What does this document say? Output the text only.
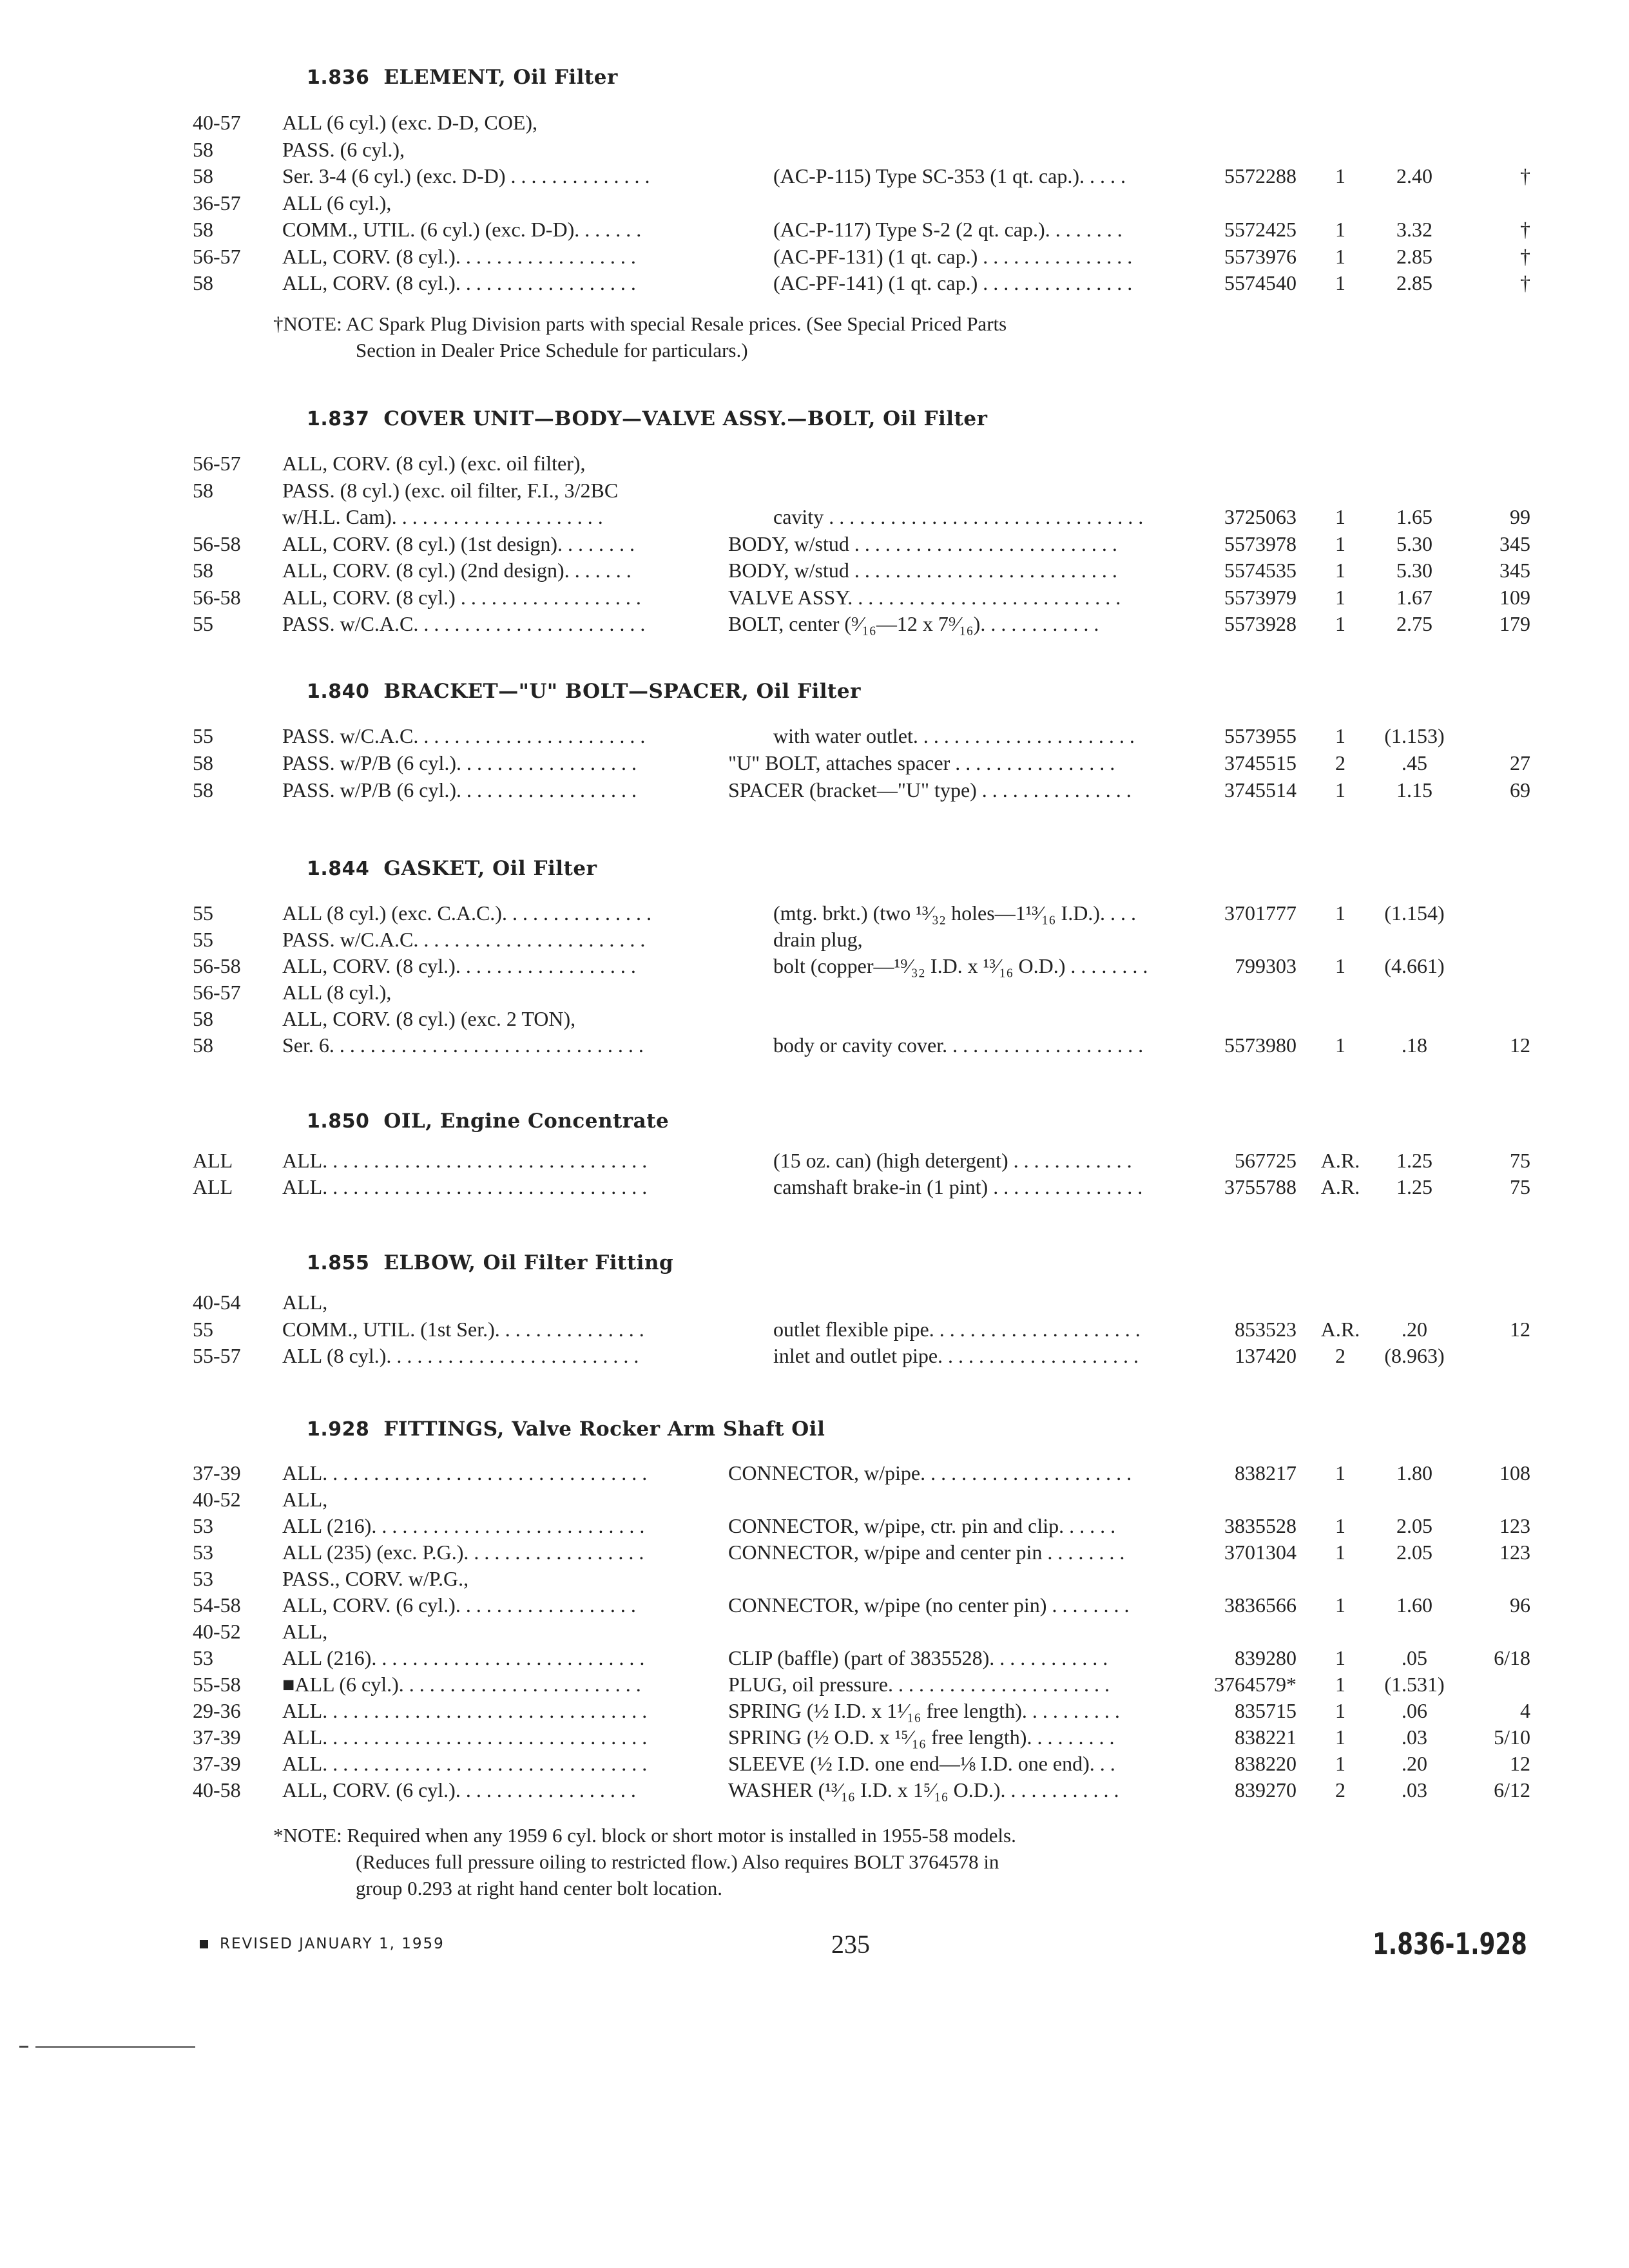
1.836 ELEMENT, Oil Filter
40-57	ALL (6 cyl.) (exc. D-D, COE),
58	PASS. (6 cyl.),
58	Ser. 3-4 (6 cyl.) (exc. D-D) . . . . . . . . . . . . . .	(AC-P-115) Type SC-353 (1 qt. cap.). . . . .	5572288	1	2.40	†
36-57	ALL (6 cyl.),
58	COMM., UTIL. (6 cyl.) (exc. D-D). . . . . . .	(AC-P-117) Type S-2 (2 qt. cap.). . . . . . . .	5572425	1	3.32	†
56-57	ALL, CORV. (8 cyl.). . . . . . . . . . . . . . . . . .	(AC-PF-131) (1 qt. cap.) . . . . . . . . . . . . . . .	5573976	1	2.85	†
58	ALL, CORV. (8 cyl.). . . . . . . . . . . . . . . . . .	(AC-PF-141) (1 qt. cap.) . . . . . . . . . . . . . . .	5574540	1	2.85	†
†NOTE: AC Spark Plug Division parts with special Resale prices. (See Special Priced Parts
Section in Dealer Price Schedule for particulars.)
1.837 COVER UNIT—BODY—VALVE ASSY.—BOLT, Oil Filter
56-57	ALL, CORV. (8 cyl.) (exc. oil filter),
58	PASS. (8 cyl.) (exc. oil filter, F.I., 3/2BC
w/H.L. Cam). . . . . . . . . . . . . . . . . . . . .	cavity . . . . . . . . . . . . . . . . . . . . . . . . . . . . . . .	3725063	1	1.65	99
56-58	ALL, CORV. (8 cyl.) (1st design). . . . . . . .	BODY, w/stud . . . . . . . . . . . . . . . . . . . . . . . . . .	5573978	1	5.30	345
58	ALL, CORV. (8 cyl.) (2nd design). . . . . . .	BODY, w/stud . . . . . . . . . . . . . . . . . . . . . . . . . .	5574535	1	5.30	345
56-58	ALL, CORV. (8 cyl.) . . . . . . . . . . . . . . . . . .	VALVE ASSY. . . . . . . . . . . . . . . . . . . . . . . . . . .	5573979	1	1.67	109
55	PASS. w/C.A.C. . . . . . . . . . . . . . . . . . . . . . .	BOLT, center (⁹⁄₁₆—12 x 7⁹⁄₁₆). . . . . . . . . . . .	5573928	1	2.75	179
1.840 BRACKET—"U" BOLT—SPACER, Oil Filter
55	PASS. w/C.A.C. . . . . . . . . . . . . . . . . . . . . . .	with water outlet. . . . . . . . . . . . . . . . . . . . . .	5573955	1	(1.153)
58	PASS. w/P/B (6 cyl.). . . . . . . . . . . . . . . . . .	"U" BOLT, attaches spacer . . . . . . . . . . . . . . . .	3745515	2	.45	27
58	PASS. w/P/B (6 cyl.). . . . . . . . . . . . . . . . . .	SPACER (bracket—"U" type) . . . . . . . . . . . . . . .	3745514	1	1.15	69
1.844 GASKET, Oil Filter
55	ALL (8 cyl.) (exc. C.A.C.). . . . . . . . . . . . . . .	(mtg. brkt.) (two ¹³⁄₃₂ holes—1¹³⁄₁₆ I.D.). . . .	3701777	1	(1.154)
55	PASS. w/C.A.C. . . . . . . . . . . . . . . . . . . . . . .	drain plug,
56-58	ALL, CORV. (8 cyl.). . . . . . . . . . . . . . . . . .	bolt (copper—¹⁹⁄₃₂ I.D. x ¹³⁄₁₆ O.D.) . . . . . . . .	799303	1	(4.661)
56-57	ALL (8 cyl.),
58	ALL, CORV. (8 cyl.) (exc. 2 TON),
58	Ser. 6. . . . . . . . . . . . . . . . . . . . . . . . . . . . . . .	body or cavity cover. . . . . . . . . . . . . . . . . . . .	5573980	1	.18	12
1.850 OIL, Engine Concentrate
ALL	ALL. . . . . . . . . . . . . . . . . . . . . . . . . . . . . . . .	(15 oz. can) (high detergent) . . . . . . . . . . . .	567725	A.R.	1.25	75
ALL	ALL. . . . . . . . . . . . . . . . . . . . . . . . . . . . . . . .	camshaft brake-in (1 pint) . . . . . . . . . . . . . . .	3755788	A.R.	1.25	75
1.855 ELBOW, Oil Filter Fitting
40-54	ALL,
55	COMM., UTIL. (1st Ser.). . . . . . . . . . . . . . .	outlet flexible pipe. . . . . . . . . . . . . . . . . . . . .	853523	A.R.	.20	12
55-57	ALL (8 cyl.). . . . . . . . . . . . . . . . . . . . . . . . .	inlet and outlet pipe. . . . . . . . . . . . . . . . . . . .	137420	2	(8.963)
1.928 FITTINGS, Valve Rocker Arm Shaft Oil
37-39	ALL. . . . . . . . . . . . . . . . . . . . . . . . . . . . . . . .	CONNECTOR, w/pipe. . . . . . . . . . . . . . . . . . . . .	838217	1	1.80	108
40-52	ALL,
53	ALL (216). . . . . . . . . . . . . . . . . . . . . . . . . . .	CONNECTOR, w/pipe, ctr. pin and clip. . . . . .	3835528	1	2.05	123
53	ALL (235) (exc. P.G.). . . . . . . . . . . . . . . . . .	CONNECTOR, w/pipe and center pin . . . . . . . .	3701304	1	2.05	123
53	PASS., CORV. w/P.G.,
54-58	ALL, CORV. (6 cyl.). . . . . . . . . . . . . . . . . .	CONNECTOR, w/pipe (no center pin) . . . . . . . .	3836566	1	1.60	96
40-52	ALL,
53	ALL (216). . . . . . . . . . . . . . . . . . . . . . . . . . .	CLIP (baffle) (part of 3835528). . . . . . . . . . . .	839280	1	.05	6/18
55-58	■ALL (6 cyl.). . . . . . . . . . . . . . . . . . . . . . . .	PLUG, oil pressure. . . . . . . . . . . . . . . . . . . . . .	3764579*	1	(1.531)
29-36	ALL. . . . . . . . . . . . . . . . . . . . . . . . . . . . . . . .	SPRING (½ I.D. x 1¹⁄₁₆ free length). . . . . . . . . .	835715	1	.06	4
37-39	ALL. . . . . . . . . . . . . . . . . . . . . . . . . . . . . . . .	SPRING (½ O.D. x ¹⁵⁄₁₆ free length). . . . . . . . .	838221	1	.03	5/10
37-39	ALL. . . . . . . . . . . . . . . . . . . . . . . . . . . . . . . .	SLEEVE (½ I.D. one end—⅛ I.D. one end). . .	838220	1	.20	12
40-58	ALL, CORV. (6 cyl.). . . . . . . . . . . . . . . . . .	WASHER (¹³⁄₁₆ I.D. x 1⁵⁄₁₆ O.D.). . . . . . . . . . . .	839270	2	.03	6/12
*NOTE: Required when any 1959 6 cyl. block or short motor is installed in 1955-58 models.
(Reduces full pressure oiling to restricted flow.) Also requires BOLT 3764578 in
group 0.293 at right hand center bolt location.
REVISED JANUARY 1, 1959	235	1.836-1.928
